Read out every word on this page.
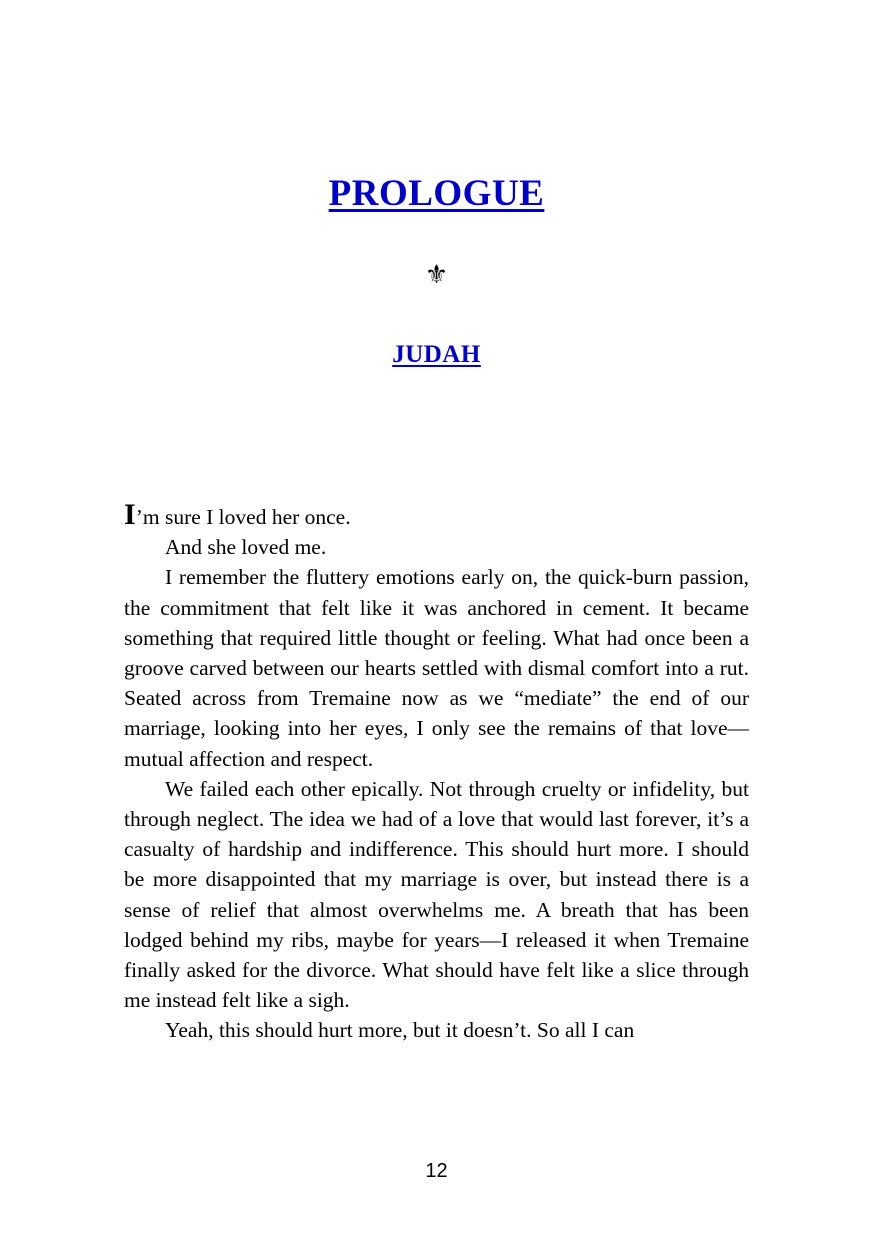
PROLOGUE
⚜
JUDAH

I’m sure I loved her once.

And she loved me.

I remember the fluttery emotions early on, the quick-burn passion, the commitment that felt like it was anchored in cement. It became something that required little thought or feeling. What had once been a groove carved between our hearts settled with dismal comfort into a rut. Seated across from Tremaine now as we “mediate” the end of our marriage, looking into her eyes, I only see the remains of that love—mutual affection and respect.

We failed each other epically. Not through cruelty or infidelity, but through neglect. The idea we had of a love that would last forever, it’s a casualty of hardship and indifference. This should hurt more. I should be more disappointed that my marriage is over, but instead there is a sense of relief that almost overwhelms me. A breath that has been lodged behind my ribs, maybe for years—I released it when Tremaine finally asked for the divorce. What should have felt like a slice through me instead felt like a sigh.

Yeah, this should hurt more, but it doesn’t. So all I can

12
